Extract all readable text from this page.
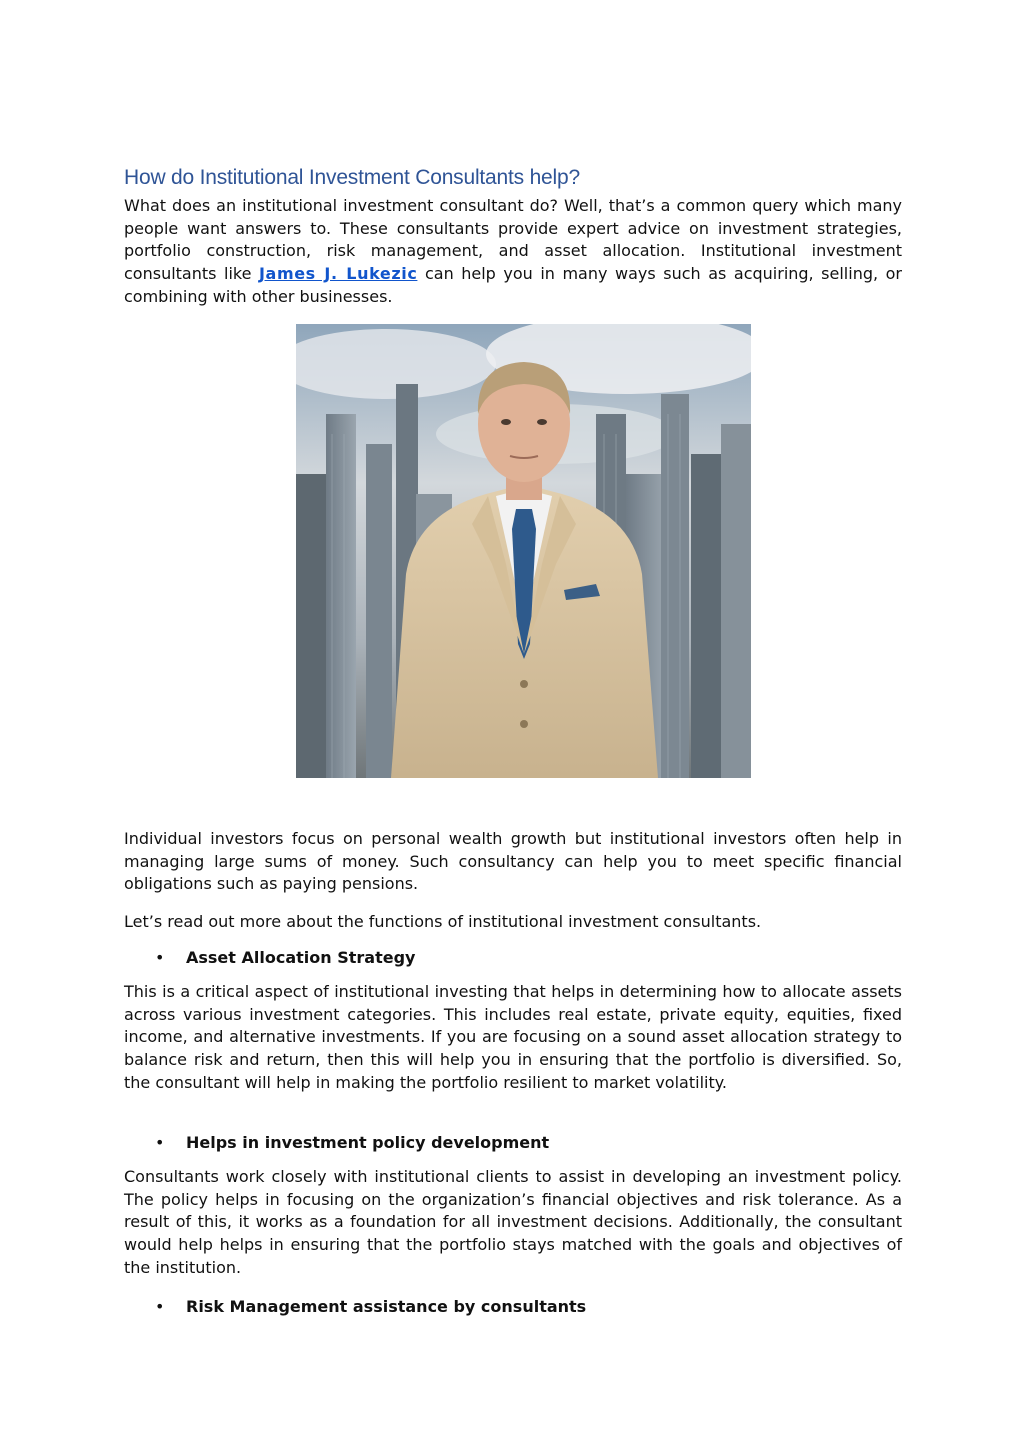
How do Institutional Investment Consultants help?

What does an institutional investment consultant do? Well, that’s a common query which many people want answers to. These consultants provide expert advice on investment strategies, portfolio construction, risk management, and asset allocation. Institutional investment consultants like James J. Lukezic can help you in many ways such as acquiring, selling, or combining with other businesses.

Individual investors focus on personal wealth growth but institutional investors often help in managing large sums of money. Such consultancy can help you to meet specific financial obligations such as paying pensions.

Let’s read out more about the functions of institutional investment consultants.

• Asset Allocation Strategy

This is a critical aspect of institutional investing that helps in determining how to allocate assets across various investment categories. This includes real estate, private equity, equities, fixed income, and alternative investments. If you are focusing on a sound asset allocation strategy to balance risk and return, then this will help you in ensuring that the portfolio is diversified. So, the consultant will help in making the portfolio resilient to market volatility.

• Helps in investment policy development

Consultants work closely with institutional clients to assist in developing an investment policy. The policy helps in focusing on the organization’s financial objectives and risk tolerance. As a result of this, it works as a foundation for all investment decisions. Additionally, the consultant would help helps in ensuring that the portfolio stays matched with the goals and objectives of the institution.

• Risk Management assistance by consultants
